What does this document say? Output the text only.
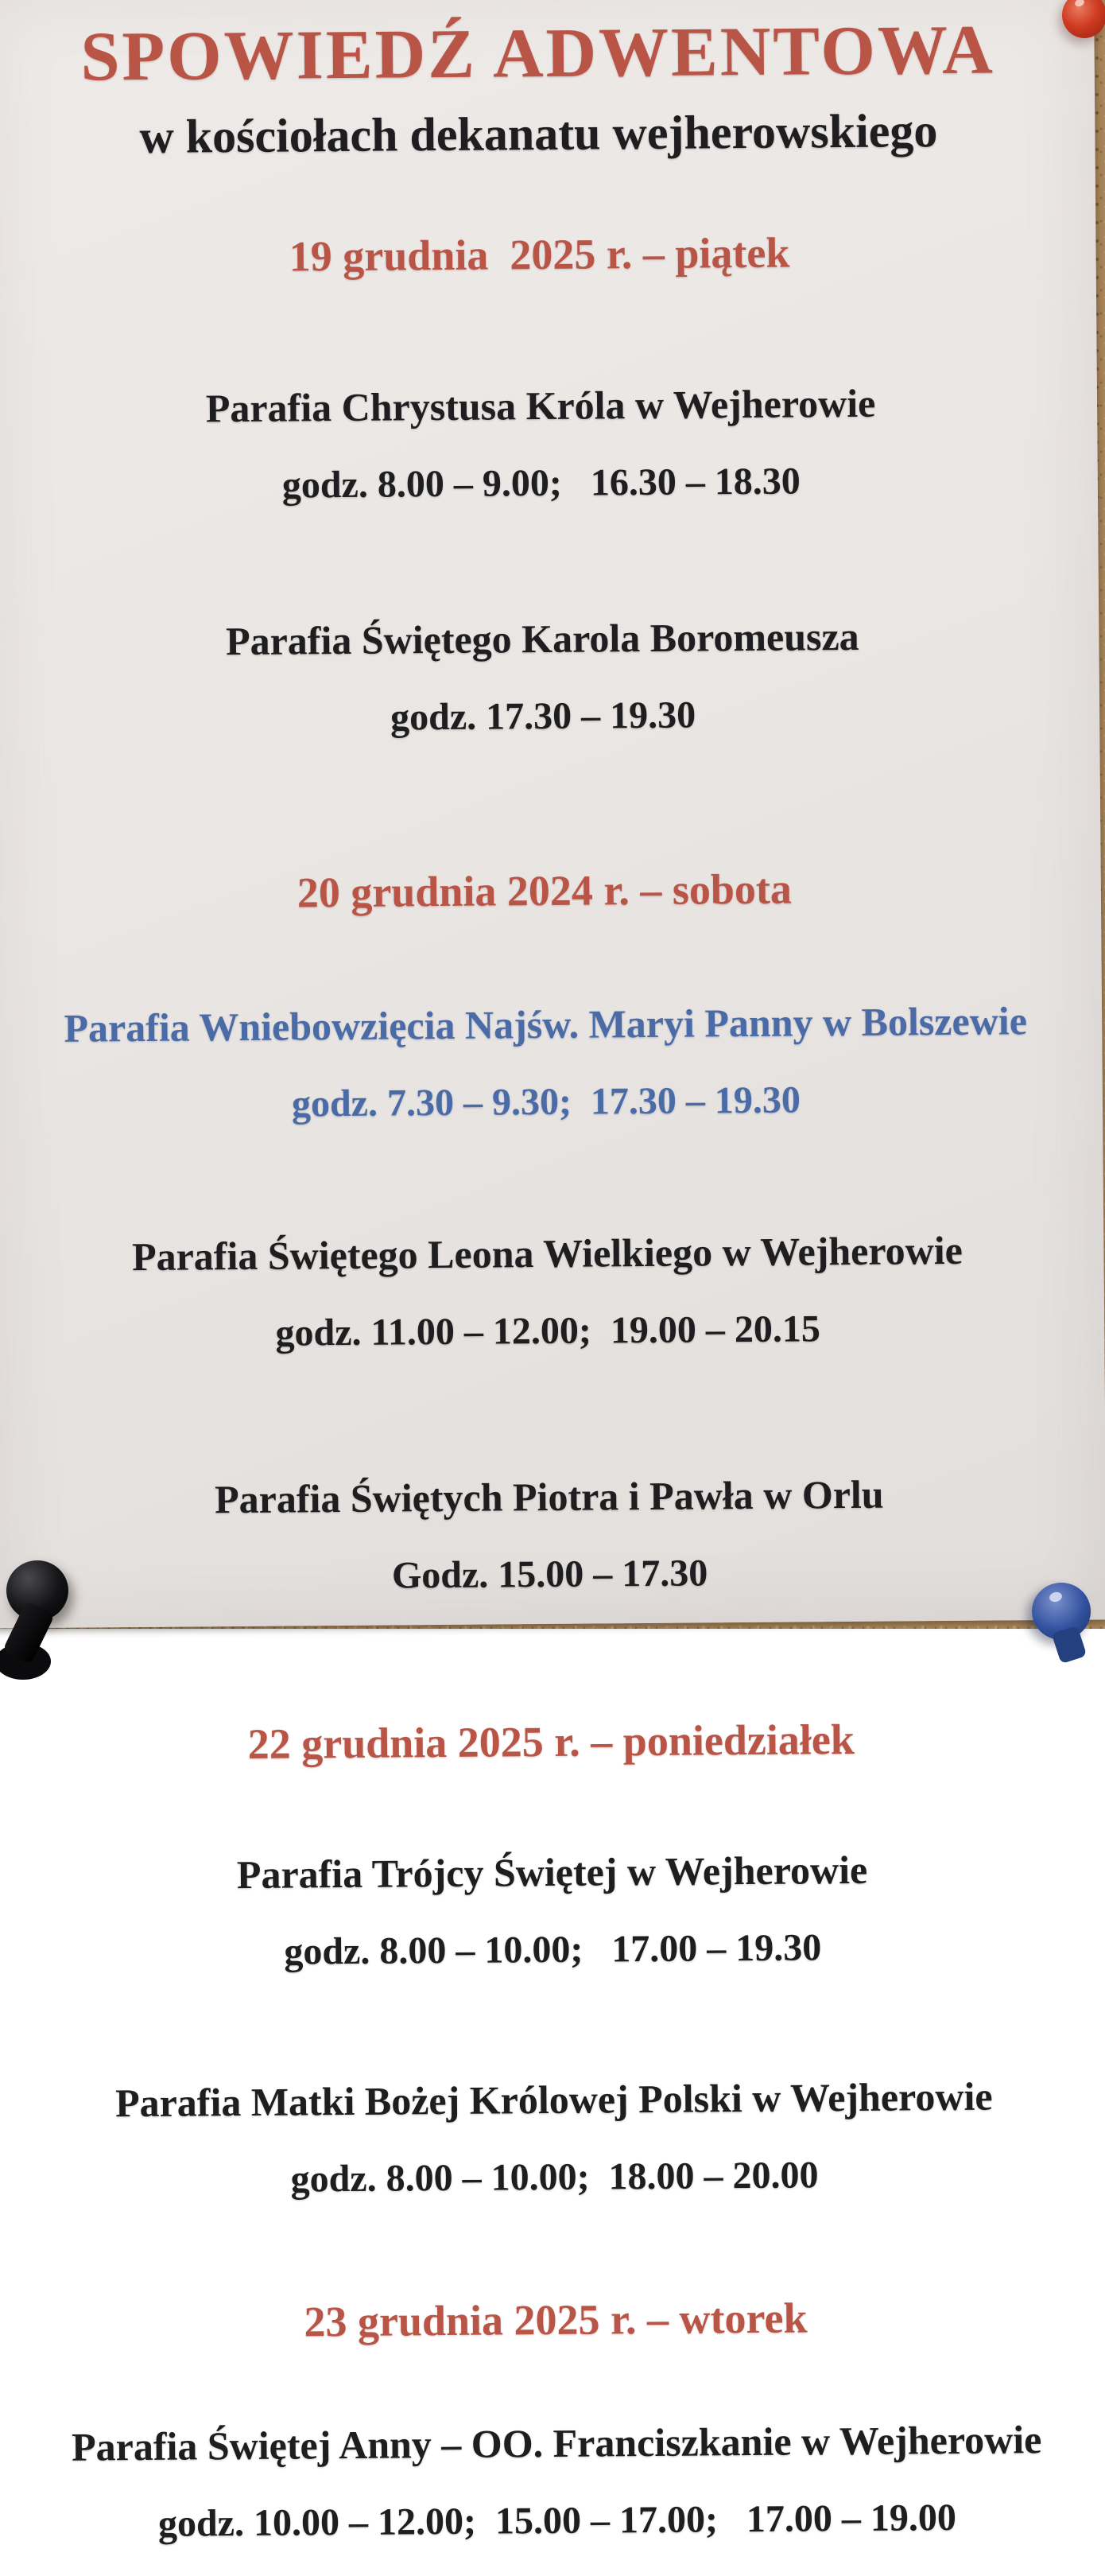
SPOWIEDŹ ADWENTOWA
w kościołach dekanatu wejherowskiego

19 grudnia  2025 r. – piątek

Parafia Chrystusa Króla w Wejherowie

godz. 8.00 – 9.00;   16.30 – 18.30

Parafia Świętego Karola Boromeusza

godz. 17.30 – 19.30

20 grudnia 2024 r. – sobota

Parafia Wniebowzięcia Najśw. Maryi Panny w Bolszewie

godz. 7.30 – 9.30;  17.30 – 19.30

Parafia Świętego Leona Wielkiego w Wejherowie

godz. 11.00 – 12.00;  19.00 – 20.15

Parafia Świętych Piotra i Pawła w Orlu

Godz. 15.00 – 17.30

22 grudnia 2025 r. – poniedziałek

Parafia Trójcy Świętej w Wejherowie

godz. 8.00 – 10.00;   17.00 – 19.30

Parafia Matki Bożej Królowej Polski w Wejherowie

godz. 8.00 – 10.00;  18.00 – 20.00

23 grudnia 2025 r. – wtorek

Parafia Świętej Anny – OO. Franciszkanie w Wejherowie

godz. 10.00 – 12.00;  15.00 – 17.00;   17.00 – 19.00
